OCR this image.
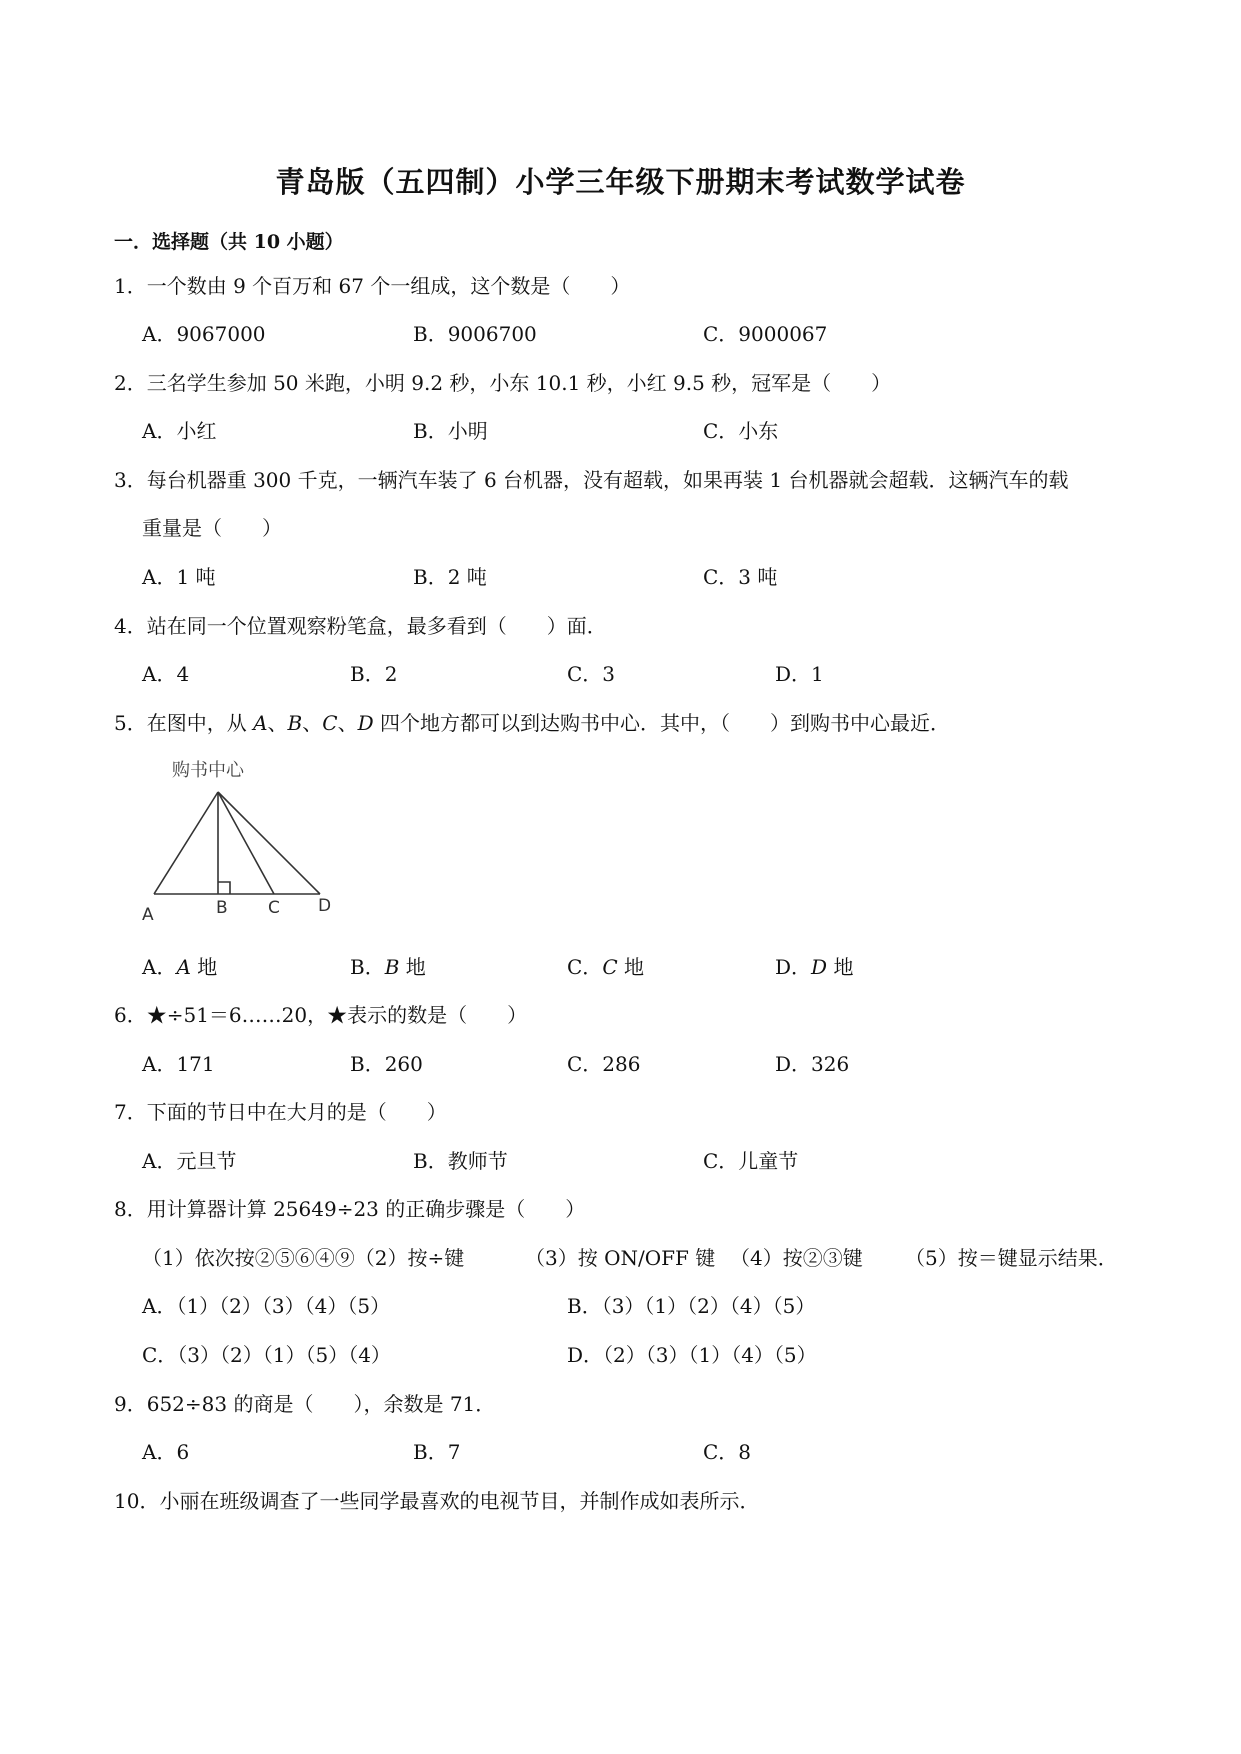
青岛版（五四制）小学三年级下册期末考试数学试卷
一．选择题（共 10 小题）
1．一个数由 9 个百万和 67 个一组成，这个数是（　　）
A．9067000	B．9006700	C．9000067
2．三名学生参加 50 米跑，小明 9.2 秒，小东 10.1 秒，小红 9.5 秒，冠军是（　　）
A．小红	B．小明	C．小东
3．每台机器重 300 千克，一辆汽车装了 6 台机器，没有超载，如果再装 1 台机器就会超载．这辆汽车的载
重量是（　　）
A．1 吨	B．2 吨	C．3 吨
4．站在同一个位置观察粉笔盒，最多看到（　　）面．
A．4	B．2	C．3	D．1
5．在图中，从 A、B、C、D 四个地方都可以到达购书中心．其中，（　　）到购书中心最近．
购书中心
A	B C D
A．A 地	B．B 地	C．C 地	D．D 地
6．★÷51＝6……20，★表示的数是（　　）
A．171	B．260	C．286	D．326
7．下面的节日中在大月的是（　　）
A．元旦节	B．教师节	C．儿童节
8．用计算器计算 25649÷23 的正确步骤是（　　）
（1）依次按②⑤⑥④⑨（2）按÷键	（3）按 ON/OFF 键 （4）按②③键 （5）按＝键显示结果．
A．（1）（2）（3）（4）（5）	B．（3）（1）（2）（4）（5）
C．（3）（2）（1）（5）（4）	D．（2）（3）（1）（4）（5）
9．652÷83 的商是（　　），余数是 71．
A．6	B．7	C．8
10．小丽在班级调查了一些同学最喜欢的电视节目，并制作成如表所示．
